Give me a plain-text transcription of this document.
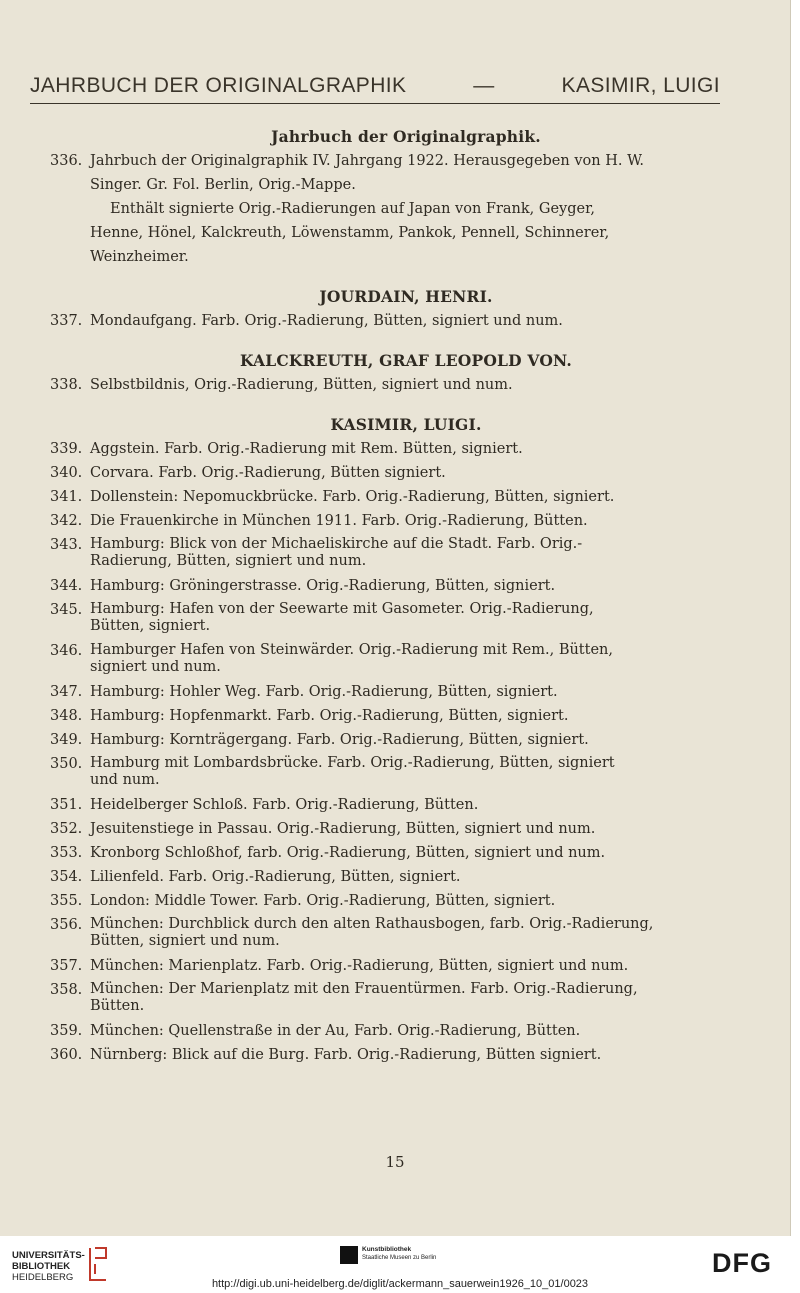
JAHRBUCH DER ORIGINALGRAPHIK	—	KASIMIR, LUIGI

Jahrbuch der Originalgraphik.

336. Jahrbuch der Originalgraphik IV. Jahrgang 1922. Herausgegeben von H. W.
Singer. Gr. Fol. Berlin, Orig.-Mappe.
Enthält signierte Orig.-Radierungen auf Japan von Frank, Geyger,
Henne, Hönel, Kalckreuth, Löwenstamm, Pankok, Pennell, Schinnerer,
Weinzheimer.

JOURDAIN, HENRI.

337. Mondaufgang. Farb. Orig.-Radierung, Bütten, signiert und num.

KALCKREUTH, GRAF LEOPOLD VON.

338. Selbstbildnis, Orig.-Radierung, Bütten, signiert und num.

KASIMIR, LUIGI.

339. Aggstein. Farb. Orig.-Radierung mit Rem. Bütten, signiert.
340. Corvara. Farb. Orig.-Radierung, Bütten signiert.
341. Dollenstein: Nepomuckbrücke. Farb. Orig.-Radierung, Bütten, signiert.
342. Die Frauenkirche in München 1911. Farb. Orig.-Radierung, Bütten.
343. Hamburg: Blick von der Michaeliskirche auf die Stadt. Farb. Orig.-
Radierung, Bütten, signiert und num.
344. Hamburg: Gröningerstrasse. Orig.-Radierung, Bütten, signiert.
345. Hamburg: Hafen von der Seewarte mit Gasometer. Orig.-Radierung,
Bütten, signiert.
346. Hamburger Hafen von Steinwärder. Orig.-Radierung mit Rem., Bütten,
signiert und num.
347. Hamburg: Hohler Weg. Farb. Orig.-Radierung, Bütten, signiert.
348. Hamburg: Hopfenmarkt. Farb. Orig.-Radierung, Bütten, signiert.
349. Hamburg: Kornträgergang. Farb. Orig.-Radierung, Bütten, signiert.
350. Hamburg mit Lombardsbrücke. Farb. Orig.-Radierung, Bütten, signiert
und num.
351. Heidelberger Schloß. Farb. Orig.-Radierung, Bütten.
352. Jesuitenstiege in Passau. Orig.-Radierung, Bütten, signiert und num.
353. Kronborg Schloßhof, farb. Orig.-Radierung, Bütten, signiert und num.
354. Lilienfeld. Farb. Orig.-Radierung, Bütten, signiert.
355. London: Middle Tower. Farb. Orig.-Radierung, Bütten, signiert.
356. München: Durchblick durch den alten Rathausbogen, farb. Orig.-Radierung,
Bütten, signiert und num.
357. München: Marienplatz. Farb. Orig.-Radierung, Bütten, signiert und num.
358. München: Der Marienplatz mit den Frauentürmen. Farb. Orig.-Radierung,
Bütten.
359. München: Quellenstraße in der Au, Farb. Orig.-Radierung, Bütten.
360. Nürnberg: Blick auf die Burg. Farb. Orig.-Radierung, Bütten signiert.
15
UNIVERSITÄTS-
BIBLIOTHEK
HEIDELBERG
Kunstbibliothek
Staatliche Museen zu Berlin
http://digi.ub.uni-heidelberg.de/diglit/ackermann_sauerwein1926_10_01/0023
DFG
